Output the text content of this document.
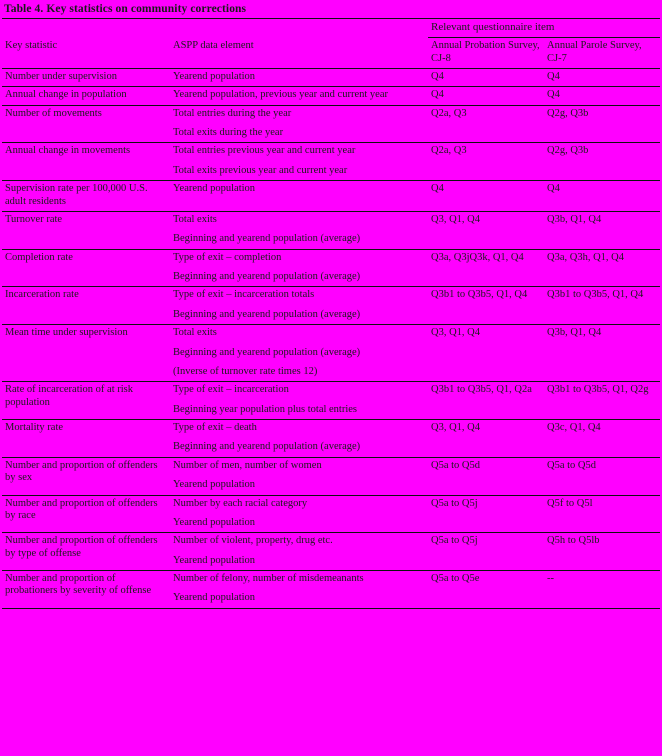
Table 4. Key statistics on community corrections
		Relevant questionnaire item	
Key statistic	ASPP data element	Annual Probation Survey, CJ-8	Annual Parole Survey, CJ-7
Number under supervision	Yearend population	Q4	Q4

Annual change in population	Yearend population, previous year and current year	Q4	Q4

Number of movements	Total entries during the year
Total exits during the year	Q2a, Q3	Q2g, Q3b

Annual change in movements	Total entries previous year and current year
Total exits previous year and current year	Q2a, Q3	Q2g, Q3b

Supervision rate per 100,000 U.S. adult residents	Yearend population	Q4	Q4

Turnover rate	Total exits
Beginning and yearend population (average)	Q3, Q1, Q4	Q3b, Q1, Q4

Completion rate	Type of exit – completion
Beginning and yearend population (average)	Q3a, Q3jQ3k, Q1, Q4	Q3a, Q3h, Q1, Q4

Incarceration rate	Type of exit – incarceration totals
Beginning and yearend population (average)	Q3b1 to Q3b5, Q1, Q4	Q3b1 to Q3b5, Q1, Q4

Mean time under supervision	Total exits
Beginning and yearend population (average)
(Inverse of turnover rate times 12)	Q3, Q1, Q4	Q3b, Q1, Q4

Rate of incarceration of at risk population	Type of exit – incarceration
Beginning year population plus total entries	Q3b1 to Q3b5, Q1, Q2a	Q3b1 to Q3b5, Q1, Q2g

Mortality rate	Type of exit – death
Beginning and yearend population (average)	Q3, Q1, Q4	Q3c, Q1, Q4

Number and proportion of offenders by sex	Number of men, number of women
Yearend population	Q5a to Q5d	Q5a to Q5d

Number and proportion of offenders by race	Number by each racial category
Yearend population	Q5a to Q5j	Q5f to Q5l

Number and proportion of offenders by type of offense	Number of violent, property, drug etc.
Yearend population	Q5a to Q5j	Q5h to Q5lb

Number and proportion of probationers by severity of offense	Number of felony, number of misdemeanants
Yearend population	Q5a to Q5e	--
